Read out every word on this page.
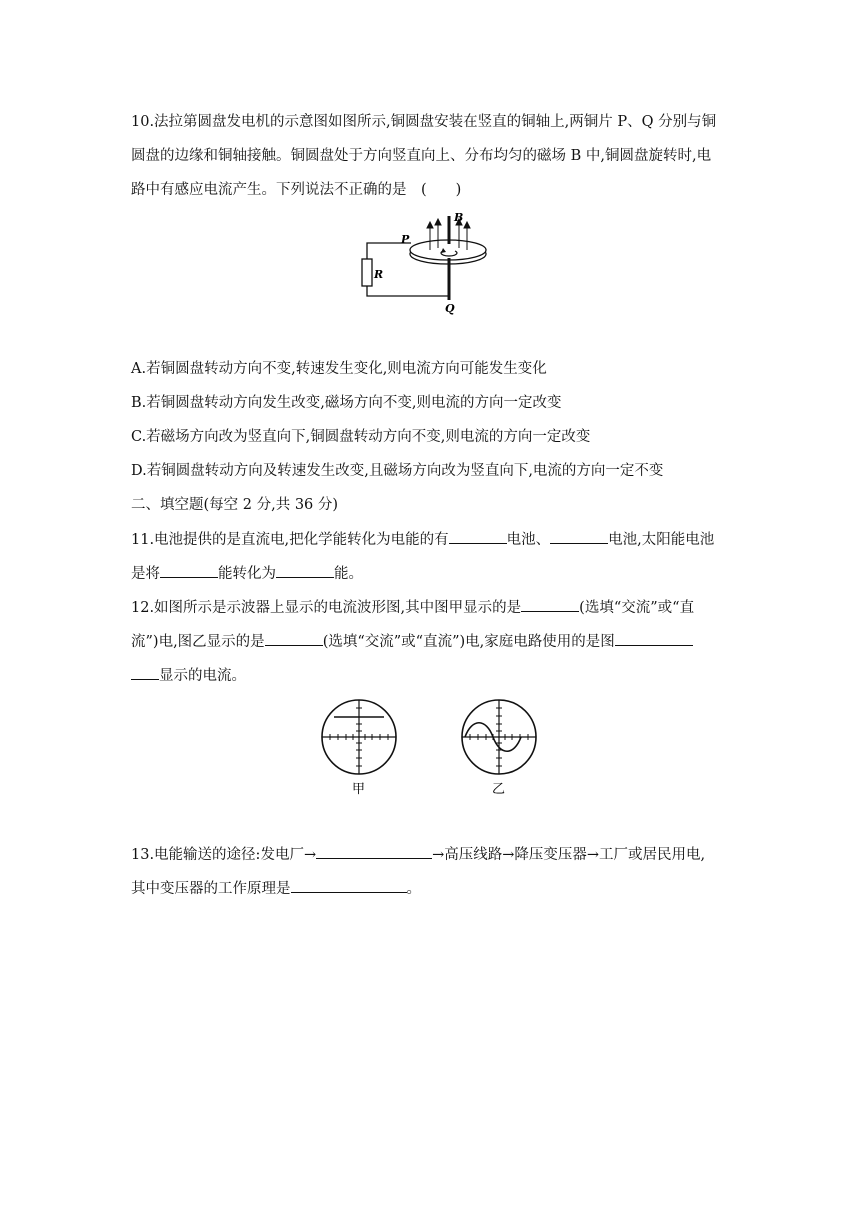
10.法拉第圆盘发电机的示意图如图所示,铜圆盘安装在竖直的铜轴上,两铜片 P、Q 分别与铜
圆盘的边缘和铜轴接触。铜圆盘处于方向竖直向上、分布均匀的磁场 B 中,铜圆盘旋转时,电
路中有感应电流产生。下列说法不正确的是　(　　)
B
P
R
Q
A.若铜圆盘转动方向不变,转速发生变化,则电流方向可能发生变化
B.若铜圆盘转动方向发生改变,磁场方向不变,则电流的方向一定改变
C.若磁场方向改为竖直向下,铜圆盘转动方向不变,则电流的方向一定改变
D.若铜圆盘转动方向及转速发生改变,且磁场方向改为竖直向下,电流的方向一定不变
二、填空题(每空 2 分,共 36 分)
11.电池提供的是直流电,把化学能转化为电能的有	电池、	电池,太阳能电池
是将	能转化为	能。
12.如图所示是示波器上显示的电流波形图,其中图甲显示的是	(选填“交流”或“直
流”)电,图乙显示的是	(选填“交流”或“直流”)电,家庭电路使用的是图
显示的电流。
甲	乙
13.电能输送的途径:发电厂→	→高压线路→降压变压器→工厂或居民用电,
其中变压器的工作原理是	。
